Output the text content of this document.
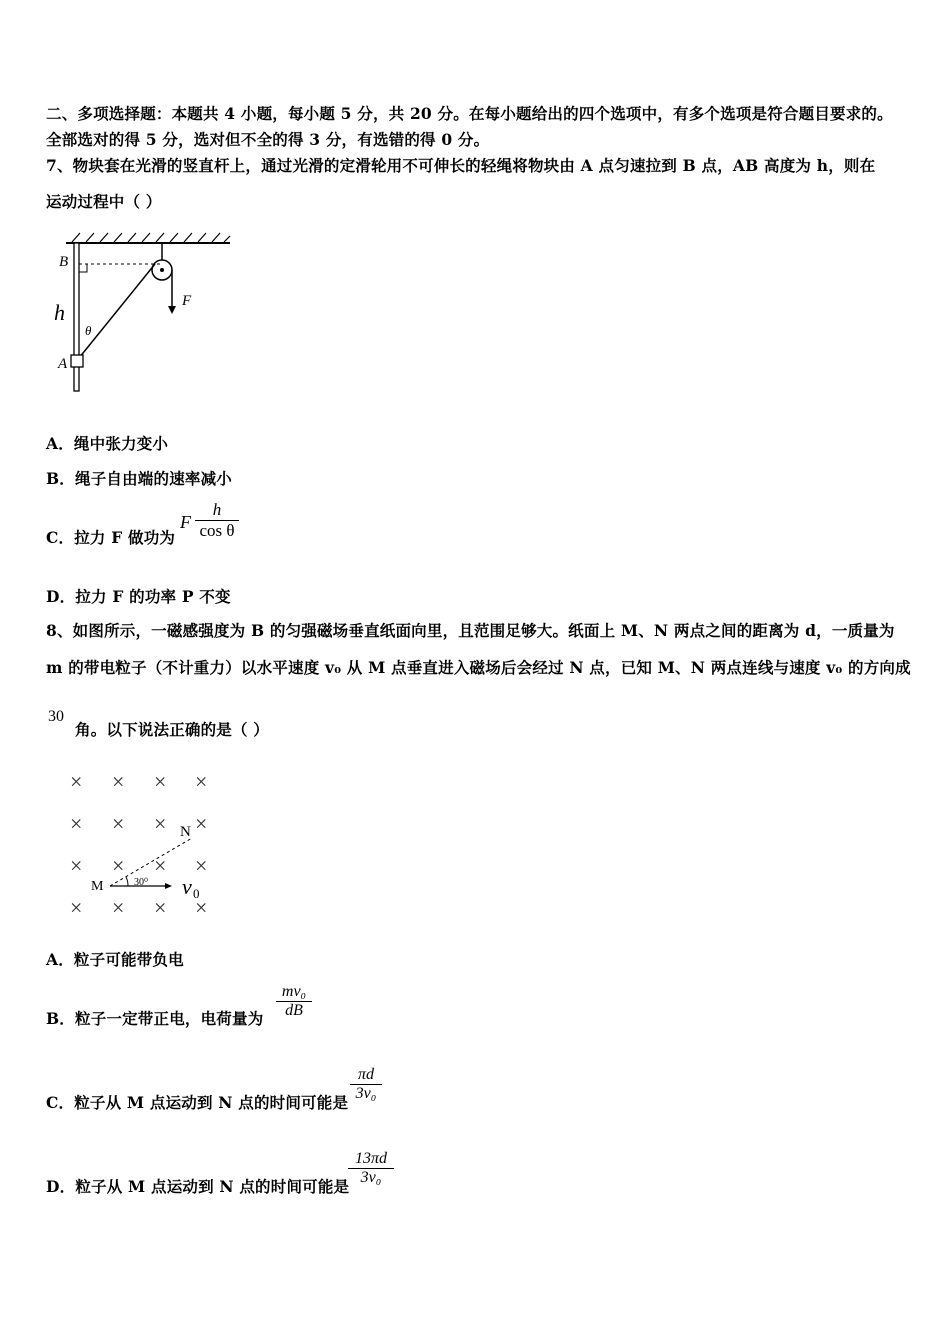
二、多项选择题：本题共 4 小题，每小题 5 分，共 20 分。在每小题给出的四个选项中，有多个选项是符合题目要求的。
全部选对的得 5 分，选对但不全的得 3 分，有选错的得 0 分。
7、物块套在光滑的竖直杆上，通过光滑的定滑轮用不可伸长的轻绳将物块由 A 点匀速拉到 B 点，AB 高度为 h，则在
运动过程中（ ）
B
h
θ
A
F
A．绳中张力变小
B．绳子自由端的速率减小
C．拉力 F 做功为
F
h
cos θ
D．拉力 F 的功率 P 不变
8、如图所示，一磁感强度为 B 的匀强磁场垂直纸面向里，且范围足够大。纸面上 M、N 两点之间的距离为 d，一质量为
m 的带电粒子（不计重力）以水平速度 v₀ 从 M 点垂直进入磁场后会经过 N 点，已知 M、N 两点连线与速度 v₀ 的方向成
30
角。以下说法正确的是（ ）
× × × ×
× × × ×
× × × ×
× × × ×
N
M	30⁰ v 0
A．粒子可能带负电
B．粒子一定带正电，电荷量为
mv₀
dB
C．粒子从 M 点运动到 N 点的时间可能是
πd
3v₀
D．粒子从 M 点运动到 N 点的时间可能是
13πd
3v₀
